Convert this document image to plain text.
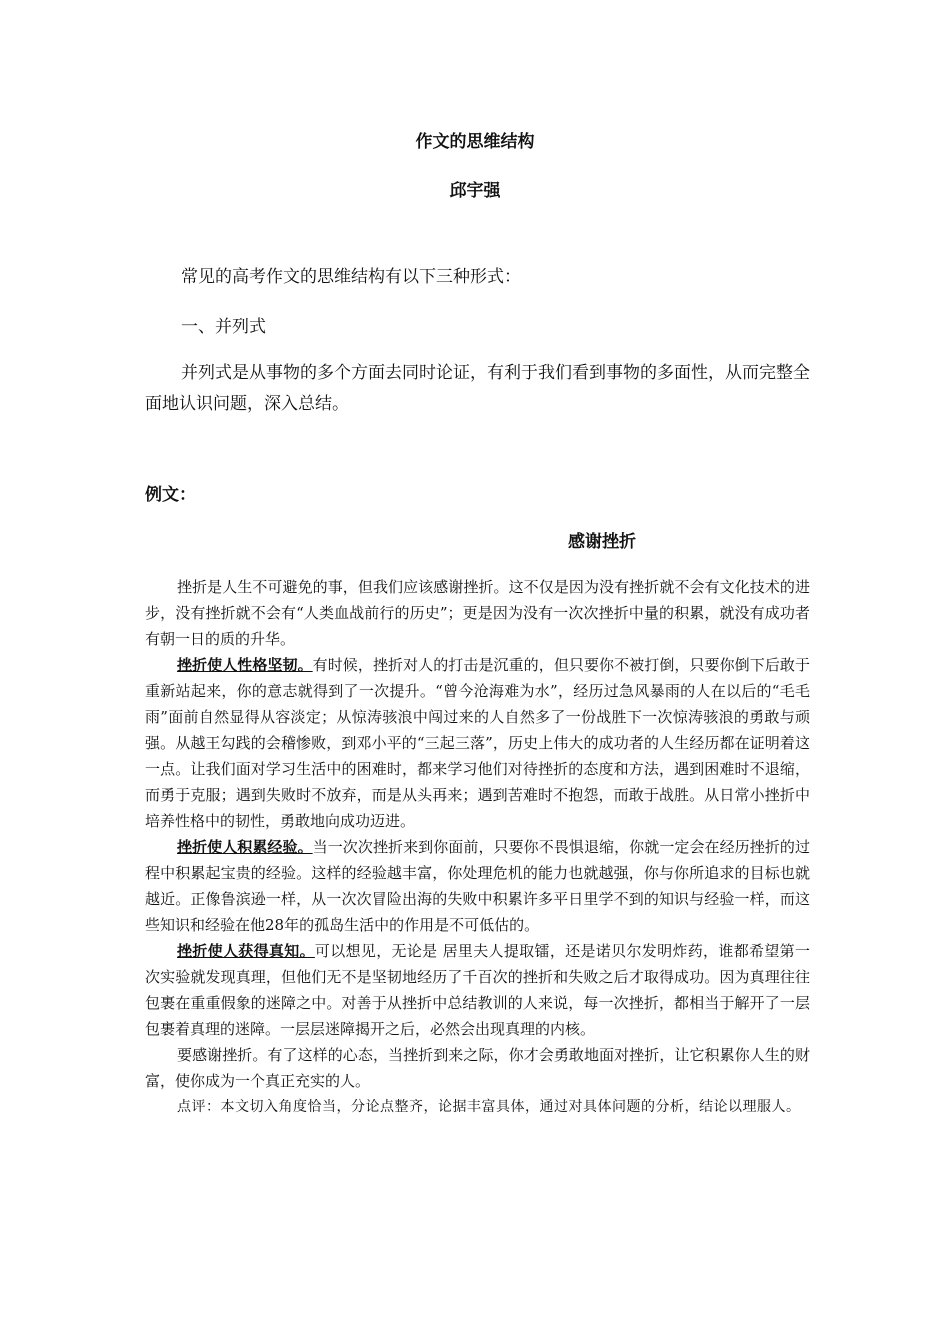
作文的思维结构
邱宇强

常见的高考作文的思维结构有以下三种形式：

一、并列式

并列式是从事物的多个方面去同时论证，有利于我们看到事物的多面性，从而完整全面地认识问题，深入总结。

例文：

感谢挫折

挫折是人生不可避免的事，但我们应该感谢挫折。这不仅是因为没有挫折就不会有文化技术的进步，没有挫折就不会有“人类血战前行的历史”；更是因为没有一次次挫折中量的积累，就没有成功者有朝一日的质的升华。

挫折使人性格坚韧。有时候，挫折对人的打击是沉重的，但只要你不被打倒，只要你倒下后敢于重新站起来，你的意志就得到了一次提升。“曾今沧海难为水”，经历过急风暴雨的人在以后的“毛毛雨”面前自然显得从容淡定；从惊涛骇浪中闯过来的人自然多了一份战胜下一次惊涛骇浪的勇敢与顽强。从越王勾践的会稽惨败，到邓小平的“三起三落”，历史上伟大的成功者的人生经历都在证明着这一点。让我们面对学习生活中的困难时，都来学习他们对待挫折的态度和方法，遇到困难时不退缩，而勇于克服；遇到失败时不放弃，而是从头再来；遇到苦难时不抱怨，而敢于战胜。从日常小挫折中培养性格中的韧性，勇敢地向成功迈进。

挫折使人积累经验。当一次次挫折来到你面前，只要你不畏惧退缩，你就一定会在经历挫折的过程中积累起宝贵的经验。这样的经验越丰富，你处理危机的能力也就越强，你与你所追求的目标也就越近。正像鲁滨逊一样，从一次次冒险出海的失败中积累许多平日里学不到的知识与经验一样，而这些知识和经验在他28年的孤岛生活中的作用是不可低估的。

挫折使人获得真知。可以想见，无论是 居里夫人提取镭，还是诺贝尔发明炸药，谁都希望第一次实验就发现真理，但他们无不是坚韧地经历了千百次的挫折和失败之后才取得成功。因为真理往往包裹在重重假象的迷障之中。对善于从挫折中总结教训的人来说，每一次挫折，都相当于解开了一层包裹着真理的迷障。一层层迷障揭开之后，必然会出现真理的内核。

要感谢挫折。有了这样的心态，当挫折到来之际，你才会勇敢地面对挫折，让它积累你人生的财富，使你成为一个真正充实的人。

点评：本文切入角度恰当，分论点整齐，论据丰富具体，通过对具体问题的分析，结论以理服人。
